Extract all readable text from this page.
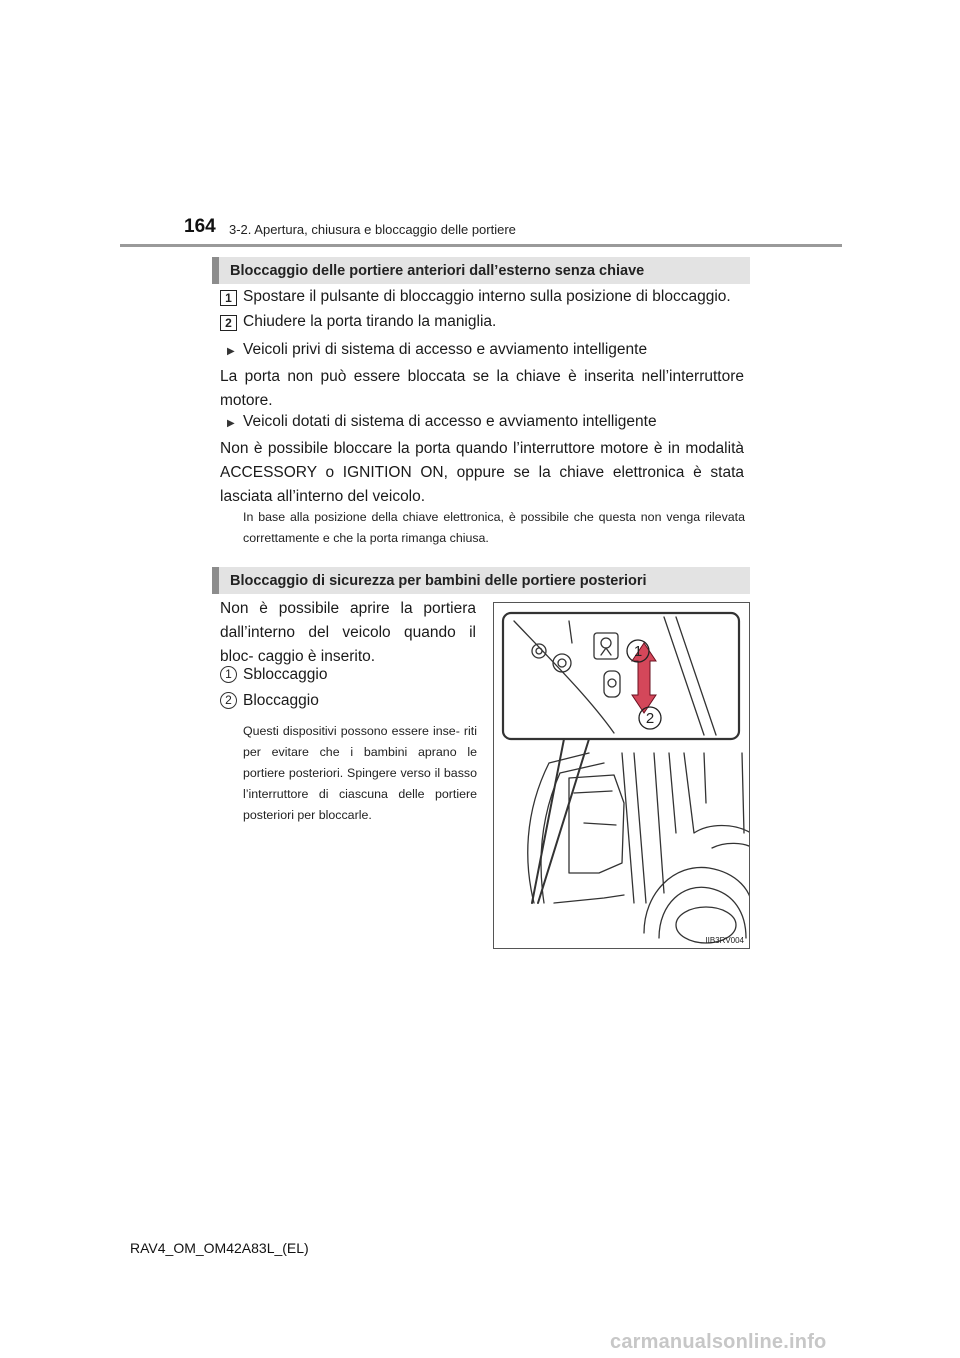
164 3-2. Apertura, chiusura e bloccaggio delle portiere
Bloccaggio delle portiere anteriori dall’esterno senza chiave
1 Spostare il pulsante di bloccaggio interno sulla posizione di bloccaggio.
2 Chiudere la porta tirando la maniglia.
▶ Veicoli privi di sistema di accesso e avviamento intelligente
La porta non può essere bloccata se la chiave è inserita nell’interruttore motore.
▶ Veicoli dotati di sistema di accesso e avviamento intelligente
Non è possibile bloccare la porta quando l’interruttore motore è in modalità ACCESSORY o IGNITION ON, oppure se la chiave elettronica è stata lasciata all’interno del veicolo.
In base alla posizione della chiave elettronica, è possibile che questa non venga rilevata correttamente e che la porta rimanga chiusa.
Bloccaggio di sicurezza per bambini delle portiere posteriori
Non è possibile aprire la portiera dall’interno del veicolo quando il bloc- caggio è inserito.
1 Sbloccaggio
2 Bloccaggio
Questi dispositivi possono essere inse- riti per evitare che i bambini aprano le portiere posteriori. Spingere verso il basso l’interruttore di ciascuna delle portiere posteriori per bloccarle.
1
2
IIB3RV004
RAV4_OM_OM42A83L_(EL)
carmanualsonline.info
